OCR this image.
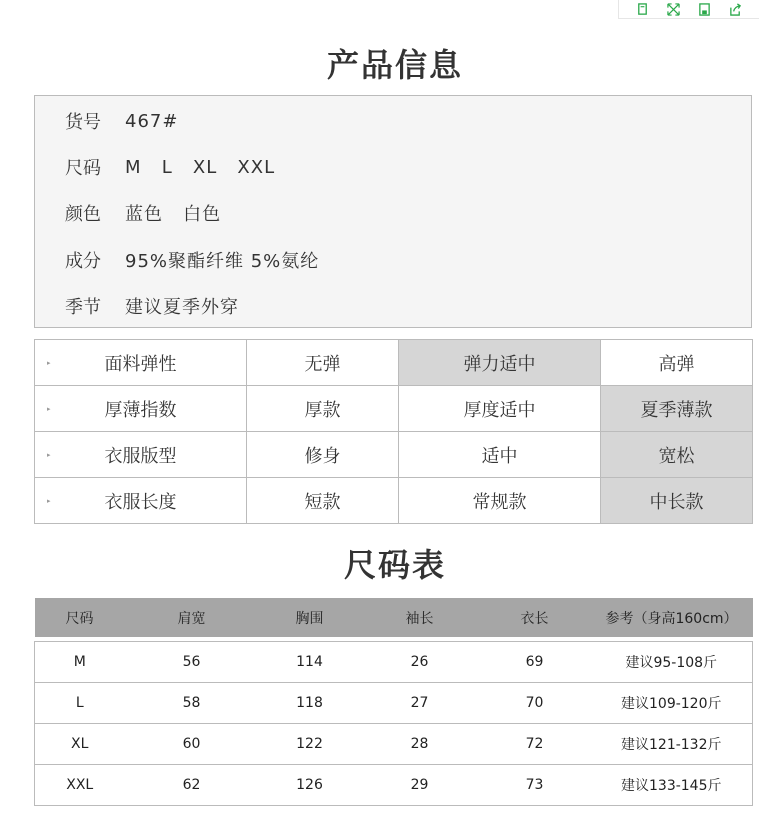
产品信息
货号	467#
尺码	M   L   XL   XXL
颜色	蓝色   白色
成分	95%聚酯纤维 5%氨纶
季节	建议夏季外穿
▸ 面料弹性	无弹	弹力适中	高弹

▸ 厚薄指数	厚款	厚度适中	夏季薄款

▸ 衣服版型	修身	适中	宽松

▸ 衣服长度	短款	常规款	中长款
尺码表
尺码	肩宽	胸围	袖长	衣长	参考（身高160cm）

M	56	114	26	69	建议95-108斤
L	58	118	27	70	建议109-120斤
XL	60	122	28	72	建议121-132斤
XXL	62	126	29	73	建议133-145斤
